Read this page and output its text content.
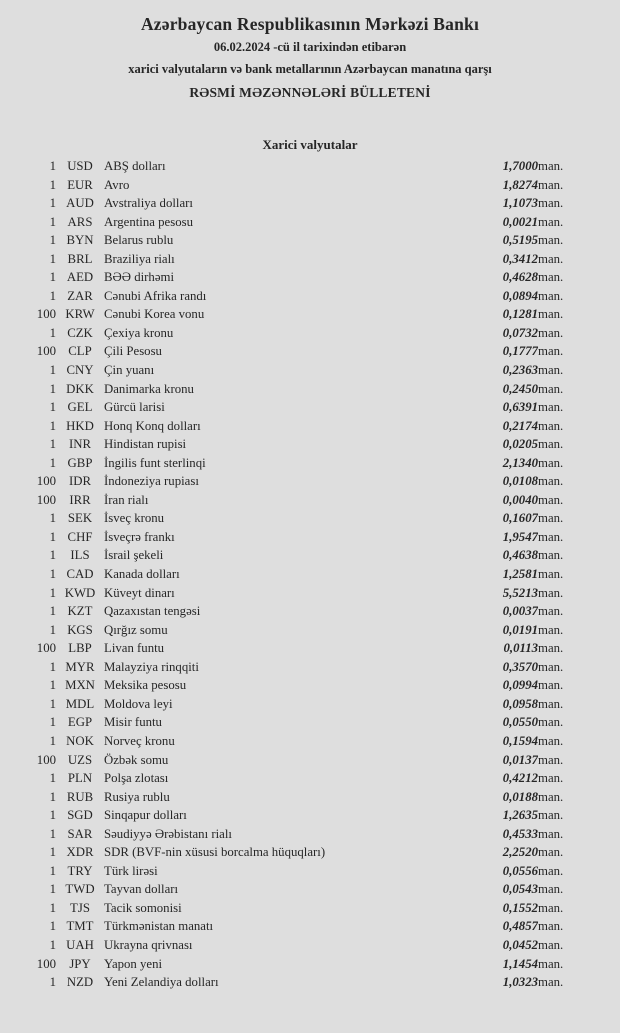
Azərbaycan Respublikasının Mərkəzi Bankı
06.02.2024 -cü il tarixindən etibarən
xarici valyutaların və bank metallarının Azərbaycan manatına qarşı
RƏSMİ MƏZƏNNƏLƏRİ BÜLLETENİ
Xarici valyutalar
1	USD	ABŞ dolları	1,7000	man.
1	EUR	Avro	1,8274	man.
1	AUD	Avstraliya dolları	1,1073	man.
1	ARS	Argentina pesosu	0,0021	man.
1	BYN	Belarus rublu	0,5195	man.
1	BRL	Braziliya rialı	0,3412	man.
1	AED	BƏƏ dirhəmi	0,4628	man.
1	ZAR	Cənubi Afrika randı	0,0894	man.
100	KRW	Cənubi Korea vonu	0,1281	man.
1	CZK	Çexiya kronu	0,0732	man.
100	CLP	Çili Pesosu	0,1777	man.
1	CNY	Çin yuanı	0,2363	man.
1	DKK	Danimarka kronu	0,2450	man.
1	GEL	Gürcü larisi	0,6391	man.
1	HKD	Honq Konq dolları	0,2174	man.
1	INR	Hindistan rupisi	0,0205	man.
1	GBP	İngilis funt sterlinqi	2,1340	man.
100	IDR	İndoneziya rupiası	0,0108	man.
100	IRR	İran rialı	0,0040	man.
1	SEK	İsveç kronu	0,1607	man.
1	CHF	İsveçrə frankı	1,9547	man.
1	ILS	İsrail şekeli	0,4638	man.
1	CAD	Kanada dolları	1,2581	man.
1	KWD	Küveyt dinarı	5,5213	man.
1	KZT	Qazaxıstan tengəsi	0,0037	man.
1	KGS	Qırğız somu	0,0191	man.
100	LBP	Livan funtu	0,0113	man.
1	MYR	Malayziya rinqqiti	0,3570	man.
1	MXN	Meksika pesosu	0,0994	man.
1	MDL	Moldova leyi	0,0958	man.
1	EGP	Misir funtu	0,0550	man.
1	NOK	Norveç kronu	0,1594	man.
100	UZS	Özbək somu	0,0137	man.
1	PLN	Polşa zlotası	0,4212	man.
1	RUB	Rusiya rublu	0,0188	man.
1	SGD	Sinqapur dolları	1,2635	man.
1	SAR	Səudiyyə Ərəbistanı rialı	0,4533	man.
1	XDR	SDR (BVF-nin xüsusi borcalma hüquqları)	2,2520	man.
1	TRY	Türk lirəsi	0,0556	man.
1	TWD	Tayvan dolları	0,0543	man.
1	TJS	Tacik somonisi	0,1552	man.
1	TMT	Türkmənistan manatı	0,4857	man.
1	UAH	Ukrayna qrivnası	0,0452	man.
100	JPY	Yapon yeni	1,1454	man.
1	NZD	Yeni Zelandiya dolları	1,0323	man.
